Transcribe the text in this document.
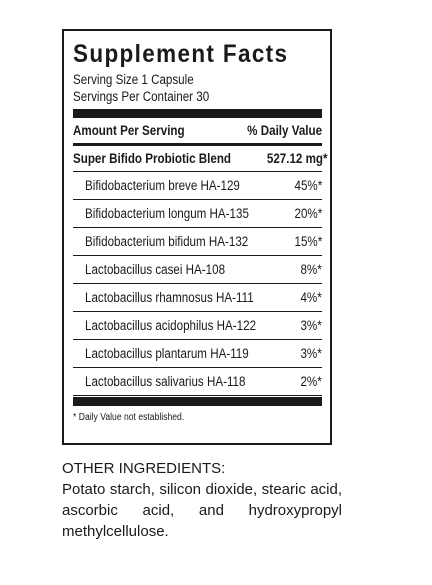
Supplement Facts
Serving Size 1 Capsule
Servings Per Container 30
Amount Per Serving	% Daily Value
Super Bifido Probiotic Blend	527.12 mg*
Bifidobacterium breve HA-129	45%*
Bifidobacterium longum HA-135	20%*
Bifidobacterium bifidum HA-132	15%*
Lactobacillus casei HA-108	8%*
Lactobacillus rhamnosus HA-111	4%*
Lactobacillus acidophilus HA-122	3%*
Lactobacillus plantarum HA-119	3%*
Lactobacillus salivarius HA-118	2%*
* Daily Value not established.
OTHER INGREDIENTS:
Potato starch, silicon dioxide, stearic acid, ascorbic acid, and hydroxypropyl methylcellulose.
